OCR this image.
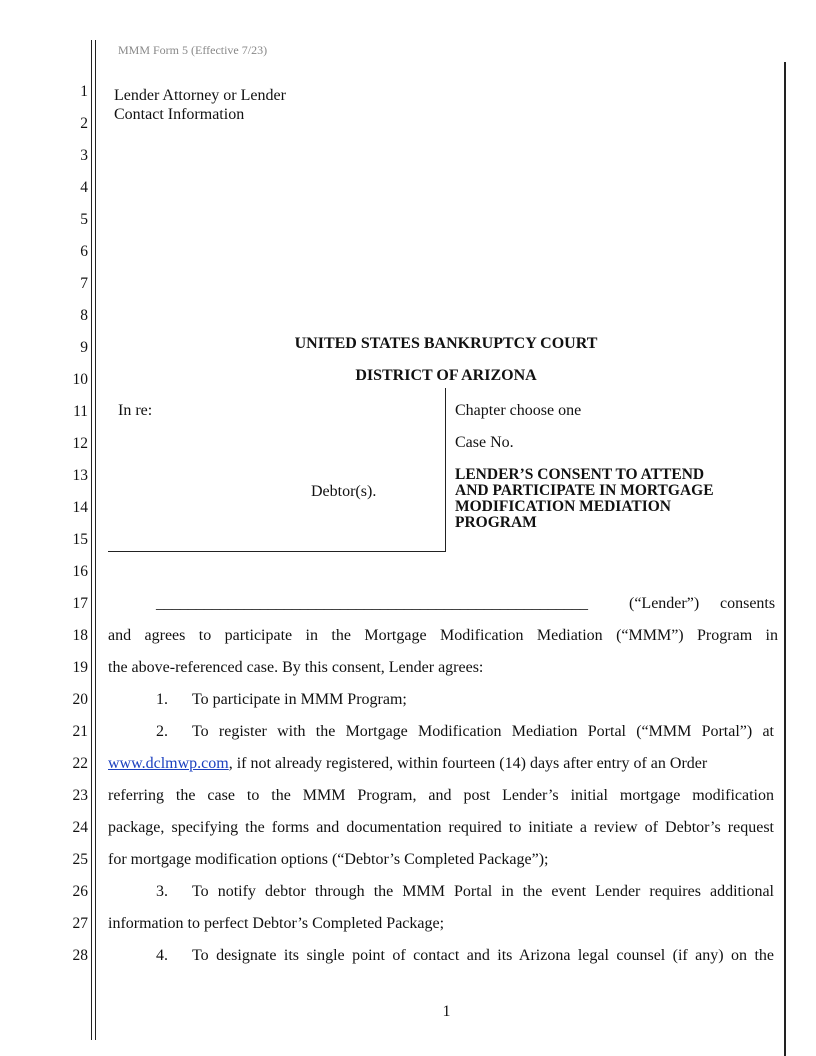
MMM Form 5 (Effective 7/23)
1
2
3
4
5
6
7
8
9
10
11
12
13
14
15
16
17
18
19
20
21
22
23
24
25
26
27
28
Lender Attorney or Lender
Contact Information
UNITED STATES BANKRUPTCY COURT
DISTRICT OF ARIZONA
In re:
Debtor(s).
Chapter choose one
Case No.
LENDER’S CONSENT TO ATTEND
AND PARTICIPATE IN MORTGAGE
MODIFICATION MEDIATION
PROGRAM
______________________________________________________	(“Lender”) consents
and agrees to participate in the Mortgage Modification Mediation (“MMM”) Program in
the above-referenced case. By this consent, Lender agrees:
1. To participate in MMM Program;
2. To register with the Mortgage Modification Mediation Portal (“MMM Portal”) at
www.dclmwp.com, if not already registered, within fourteen (14) days after entry of an Order
referring the case to the MMM Program, and post Lender’s initial mortgage modification
package, specifying the forms and documentation required to initiate a review of Debtor’s request
for mortgage modification options (“Debtor’s Completed Package”);
3. To notify debtor through the MMM Portal in the event Lender requires additional
information to perfect Debtor’s Completed Package;
4. To designate its single point of contact and its Arizona legal counsel (if any) on the
1
